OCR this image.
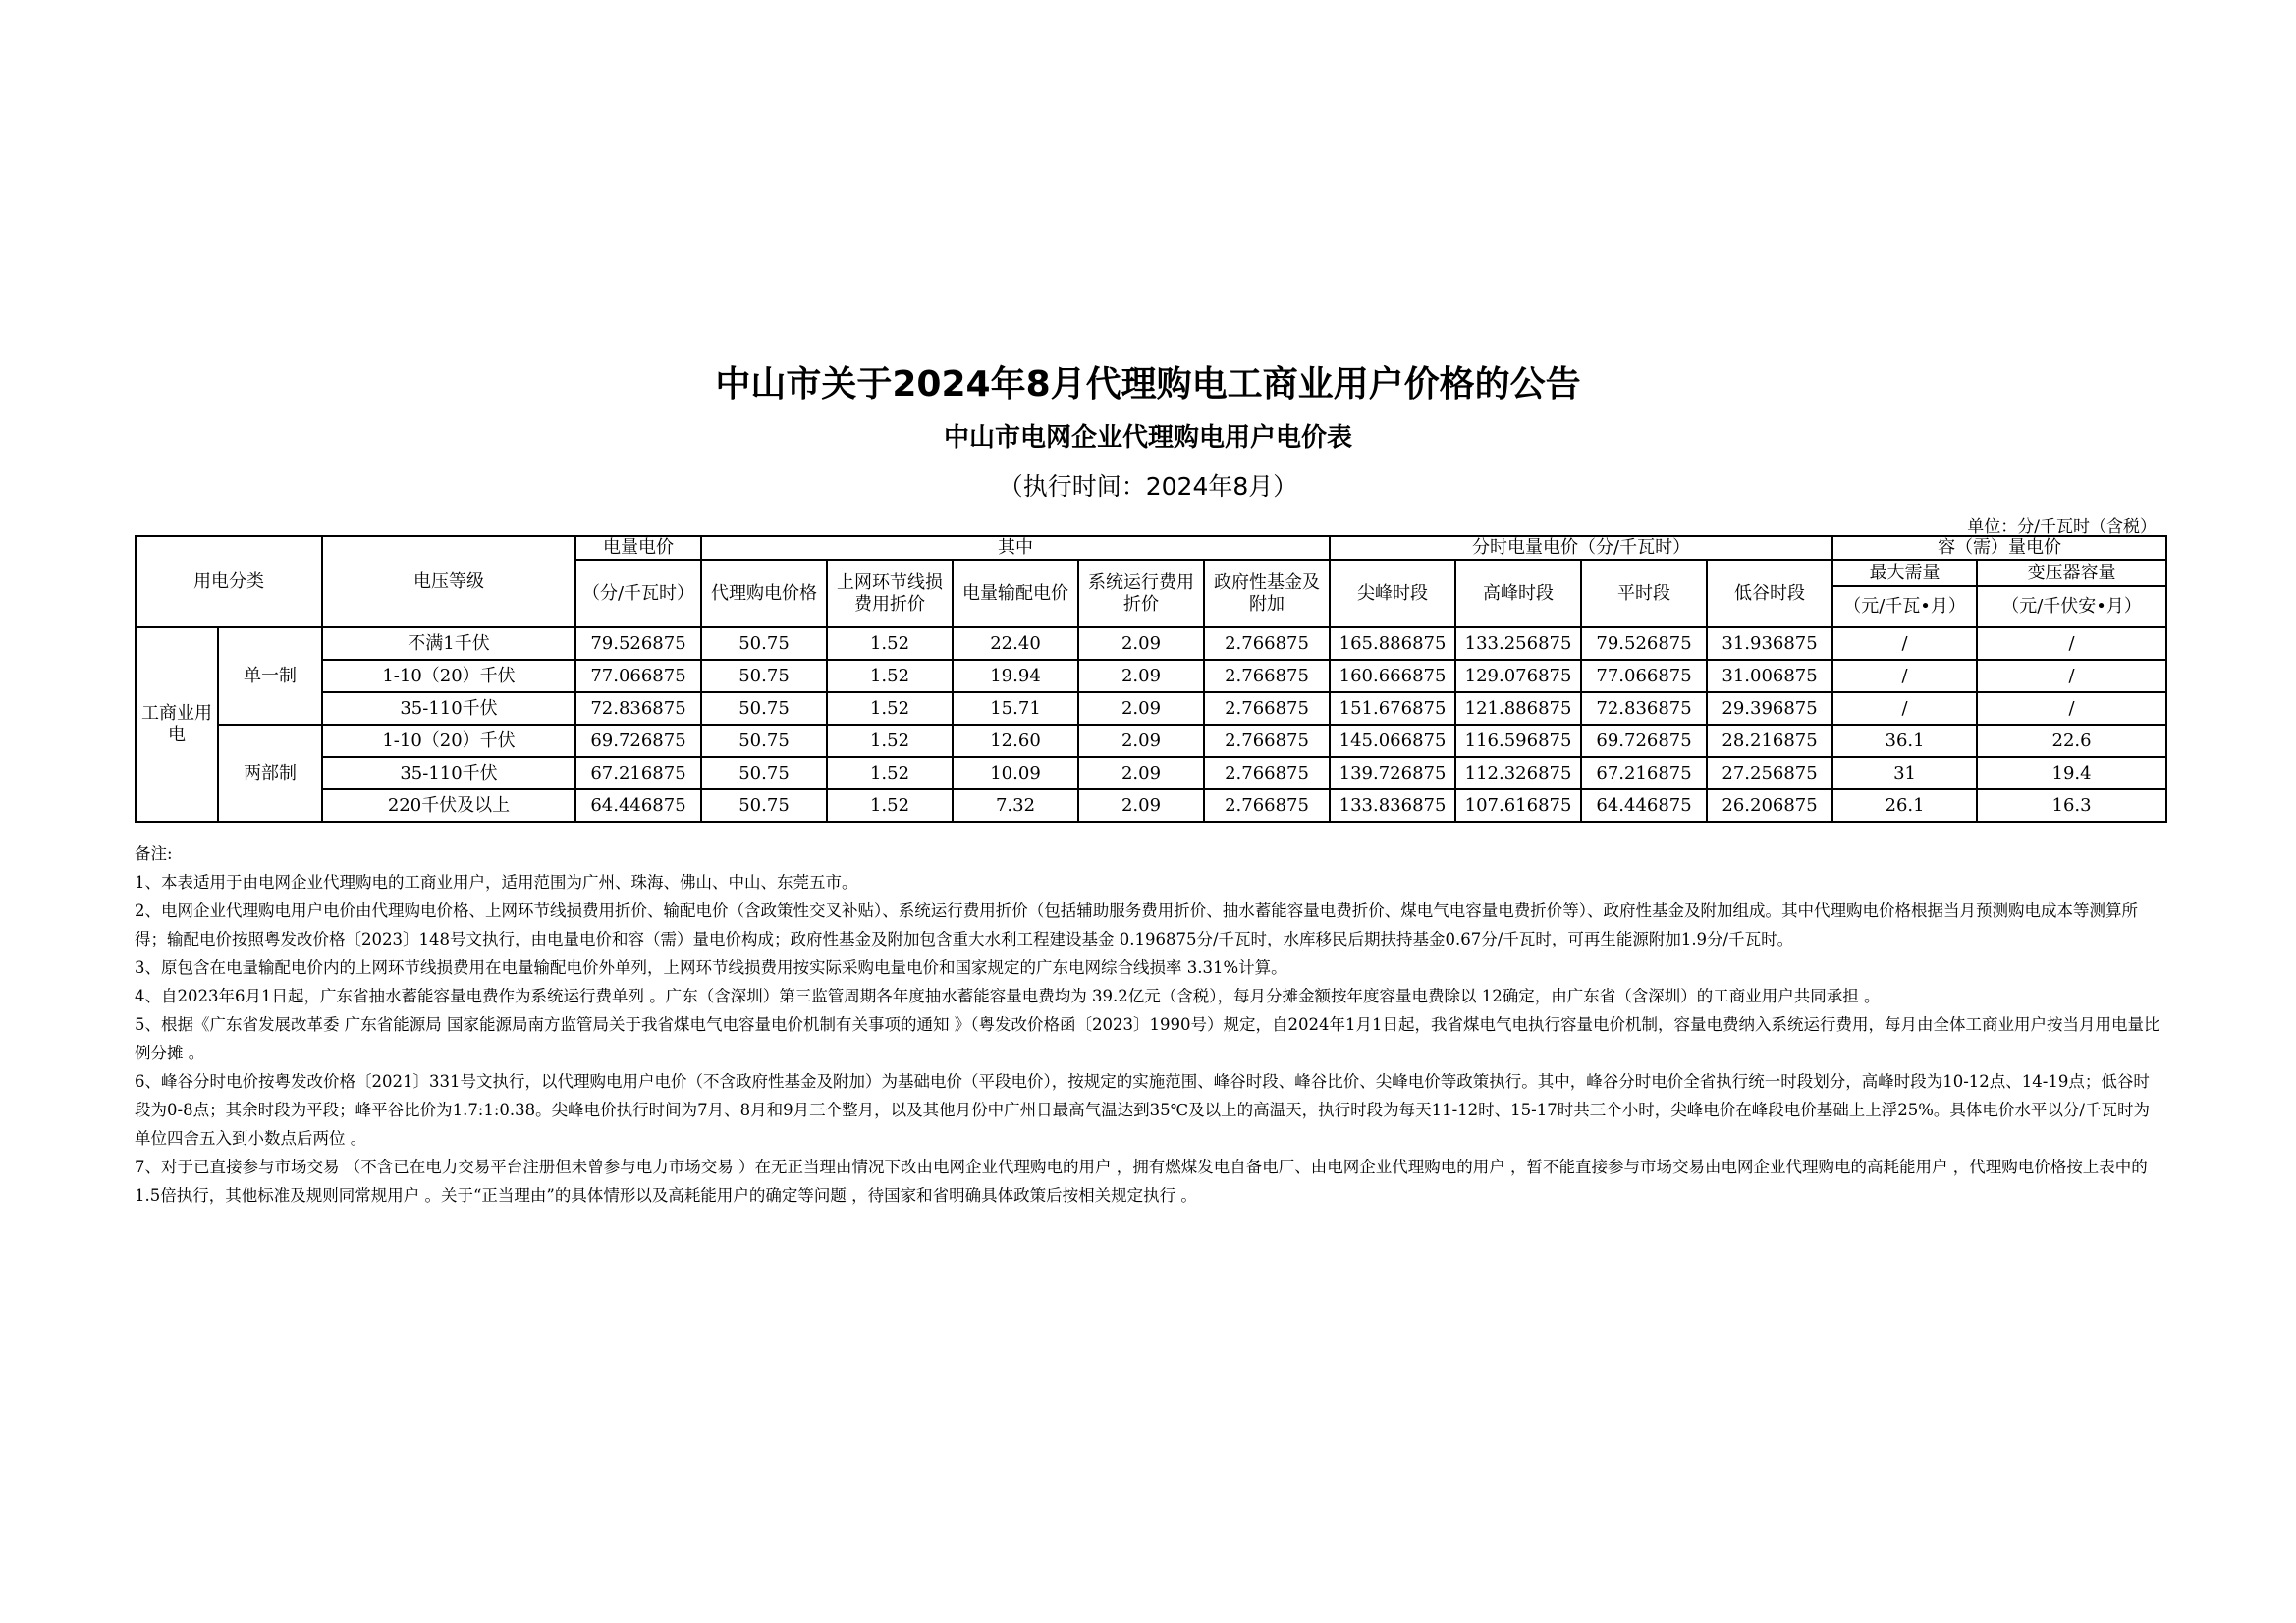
中山市关于2024年8月代理购电工商业用户价格的公告
中山市电网企业代理购电用户电价表
（执行时间：2024年8月）
单位：分/千瓦时（含税）
用电分类		电压等级	电量电价	其中					分时电量电价（分/千瓦时）				容（需）量电价	
			（分/千瓦时）	代理购电价格	上网环节线损费用折价	电量输配电价	系统运行费用折价	政府性基金及附加	尖峰时段	高峰时段	平时段	低谷时段	最大需量	变压器容量
													（元/千瓦•月）	（元/千伏安•月）
工商业用电	单一制	不满1千伏	79.526875	50.75	1.52	22.40	2.09	2.766875	165.886875	133.256875	79.526875	31.936875	/	/
		1-10（20）千伏	77.066875	50.75	1.52	19.94	2.09	2.766875	160.666875	129.076875	77.066875	31.006875	/	/
		35-110千伏	72.836875	50.75	1.52	15.71	2.09	2.766875	151.676875	121.886875	72.836875	29.396875	/	/
	两部制	1-10（20）千伏	69.726875	50.75	1.52	12.60	2.09	2.766875	145.066875	116.596875	69.726875	28.216875	36.1	22.6
		35-110千伏	67.216875	50.75	1.52	10.09	2.09	2.766875	139.726875	112.326875	67.216875	27.256875	31	19.4
		220千伏及以上	64.446875	50.75	1.52	7.32	2.09	2.766875	133.836875	107.616875	64.446875	26.206875	26.1	16.3

备注:

1、本表适用于由电网企业代理购电的工商业用户，适用范围为广州、珠海、佛山、中山、东莞五市。

2、电网企业代理购电用户电价由代理购电价格、上网环节线损费用折价、输配电价（含政策性交叉补贴）、系统运行费用折价（包括辅助服务费用折价、抽水蓄能容量电费折价、煤电气电容量电费折价等）、政府性基金及附加组成。其中代理购电价格根据当月预测购电成本等测算所得；输配电价按照粤发改价格〔2023〕148号文执行，由电量电价和容（需）量电价构成；政府性基金及附加包含重大水利工程建设基金 0.196875分/千瓦时，水库移民后期扶持基金0.67分/千瓦时，可再生能源附加1.9分/千瓦时。

3、原包含在电量输配电价内的上网环节线损费用在电量输配电价外单列，上网环节线损费用按实际采购电量电价和国家规定的广东电网综合线损率 3.31%计算。

4、自2023年6月1日起，广东省抽水蓄能容量电费作为系统运行费单列 。广东（含深圳）第三监管周期各年度抽水蓄能容量电费均为 39.2亿元（含税），每月分摊金额按年度容量电费除以 12确定，由广东省（含深圳）的工商业用户共同承担 。

5、根据《广东省发展改革委 广东省能源局 国家能源局南方监管局关于我省煤电气电容量电价机制有关事项的通知 》（粤发改价格函〔2023〕1990号）规定，自2024年1月1日起，我省煤电气电执行容量电价机制，容量电费纳入系统运行费用，每月由全体工商业用户按当月用电量比例分摊 。

6、峰谷分时电价按粤发改价格〔2021〕331号文执行，以代理购电用户电价（不含政府性基金及附加）为基础电价（平段电价），按规定的实施范围、峰谷时段、峰谷比价、尖峰电价等政策执行。其中，峰谷分时电价全省执行统一时段划分，高峰时段为10-12点、14-19点；低谷时段为0-8点；其余时段为平段；峰平谷比价为1.7:1:0.38。尖峰电价执行时间为7月、8月和9月三个整月，以及其他月份中广州日最高气温达到35℃及以上的高温天，执行时段为每天11-12时、15-17时共三个小时，尖峰电价在峰段电价基础上上浮25%。具体电价水平以分/千瓦时为单位四舍五入到小数点后两位 。

7、对于已直接参与市场交易 （不含已在电力交易平台注册但未曾参与电力市场交易 ）在无正当理由情况下改由电网企业代理购电的用户 ，拥有燃煤发电自备电厂、由电网企业代理购电的用户 ，暂不能直接参与市场交易由电网企业代理购电的高耗能用户 ，代理购电价格按上表中的1.5倍执行，其他标准及规则同常规用户 。关于“正当理由”的具体情形以及高耗能用户的确定等问题 ，待国家和省明确具体政策后按相关规定执行 。
